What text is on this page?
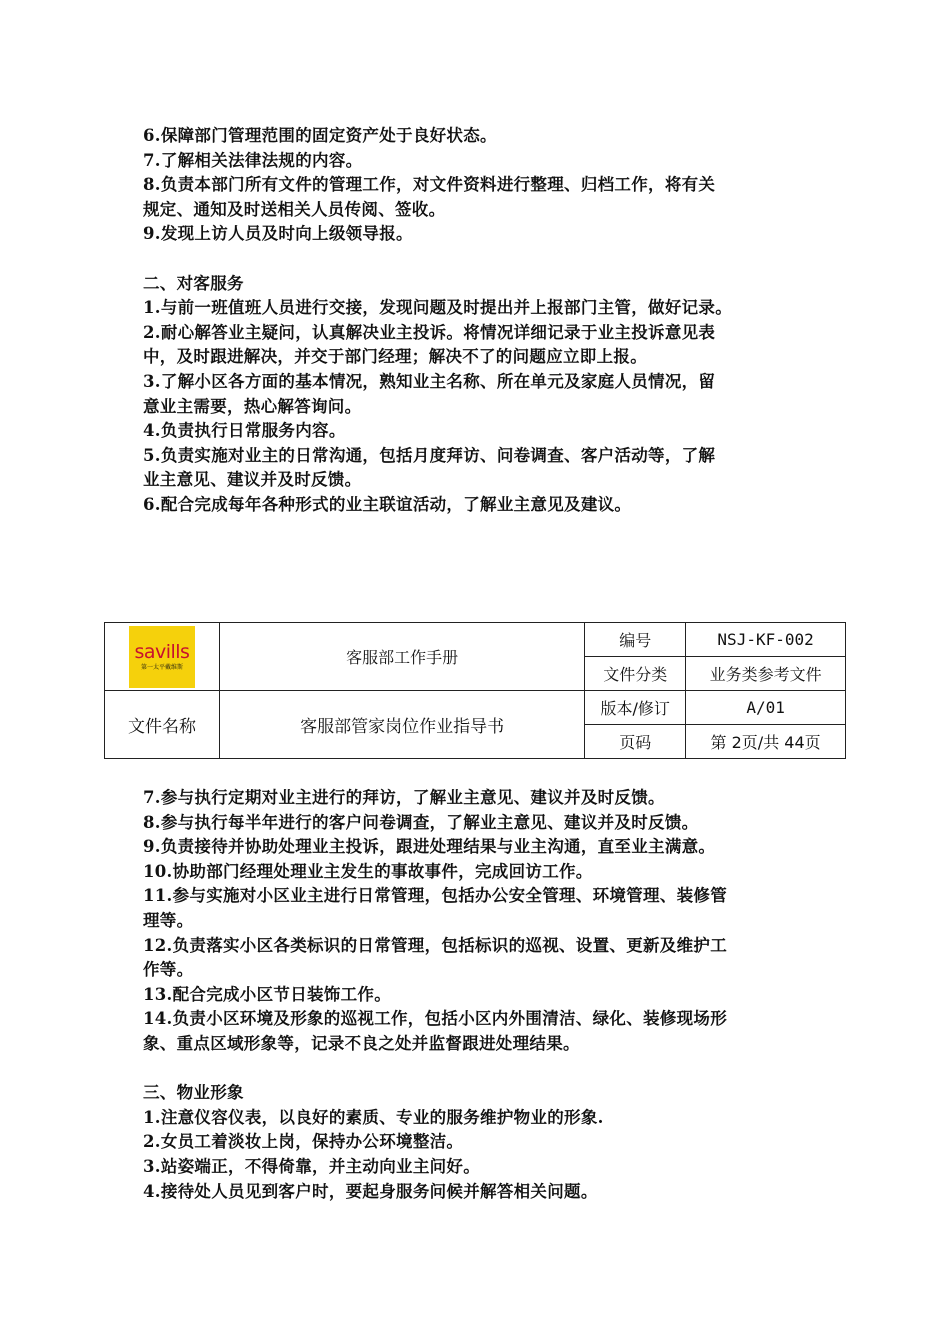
6.保障部门管理范围的固定资产处于良好状态。
7.了解相关法律法规的内容。
8.负责本部门所有文件的管理工作，对文件资料进行整理、归档工作，将有关
规定、通知及时送相关人员传阅、签收。
9.发现上访人员及时向上级领导报。
二、对客服务
1.与前一班值班人员进行交接，发现问题及时提出并上报部门主管，做好记录。
2.耐心解答业主疑问，认真解决业主投诉。将情况详细记录于业主投诉意见表
中，及时跟进解决，并交于部门经理；解决不了的问题应立即上报。
3.了解小区各方面的基本情况，熟知业主名称、所在单元及家庭人员情况，留
意业主需要，热心解答询问。
4.负责执行日常服务内容。
5.负责实施对业主的日常沟通，包括月度拜访、问卷调查、客户活动等，了解
业主意见、建议并及时反馈。
6.配合完成每年各种形式的业主联谊活动，了解业主意见及建议。
savills
第一太平戴维斯	客服部工作手册	编号	NSJ-KF-002
		文件分类	业务类参考文件
文件名称	客服部管家岗位作业指导书	版本/修订	A/01
		页码	第 2页/共 44页
7.参与执行定期对业主进行的拜访，了解业主意见、建议并及时反馈。
8.参与执行每半年进行的客户问卷调查，了解业主意见、建议并及时反馈。
9.负责接待并协助处理业主投诉，跟进处理结果与业主沟通，直至业主满意。
10.协助部门经理处理业主发生的事故事件，完成回访工作。
11.参与实施对小区业主进行日常管理，包括办公安全管理、环境管理、装修管
理等。
12.负责落实小区各类标识的日常管理，包括标识的巡视、设置、更新及维护工
作等。
13.配合完成小区节日装饰工作。
14.负责小区环境及形象的巡视工作，包括小区内外围清洁、绿化、装修现场形
象、重点区域形象等，记录不良之处并监督跟进处理结果。
三、物业形象
1.注意仪容仪表，以良好的素质、专业的服务维护物业的形象.
2.女员工着淡妆上岗，保持办公环境整洁。
3.站姿端正，不得倚靠，并主动向业主问好。
4.接待处人员见到客户时，要起身服务问候并解答相关问题。
